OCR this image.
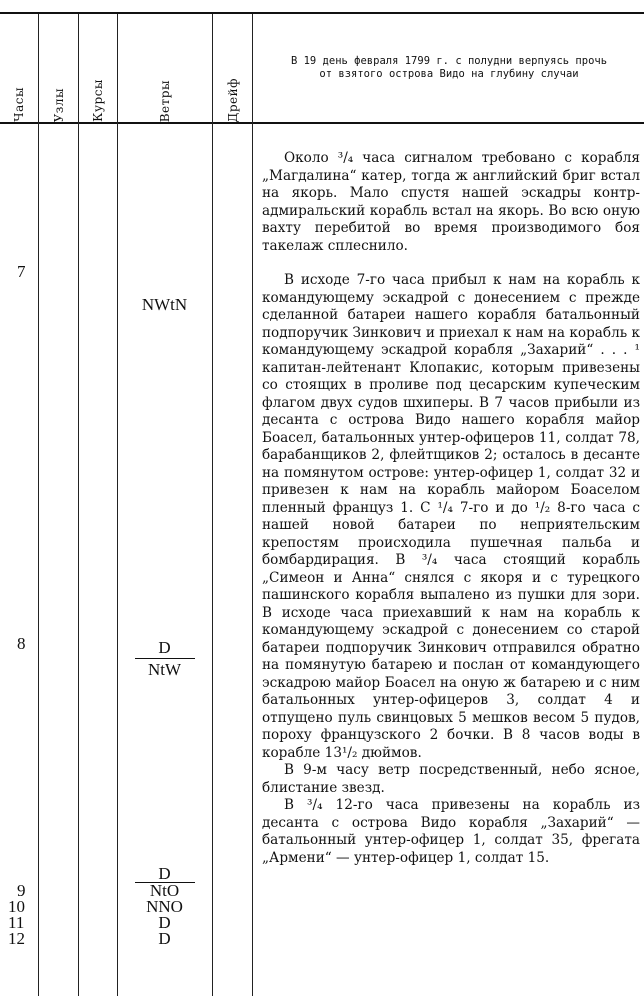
Часы Узлы Курсы	Ветры	Дрейф
В 19 день февраля 1799 г. с полудни верпуясь прочь
от взятого острова Видо на глубину случаи
7
8
9
10
11
12
NWtN
D
NtW
D
NtO
NNO
D
D

Около ³/₄ часа сигналом требовано с корабля „Магдалина“ катер, тогда ж английский бриг встал на якорь. Мало спустя нашей эскадры контр-адмиральский корабль встал на якорь. Во всю оную вахту перебитой во время производимого боя такелаж сплеснило.

В исходе 7-го часа прибыл к нам на корабль к командующему эскадрой с донесением с прежде сделанной батареи нашего корабля батальонный подпоручик Зинкович и приехал к нам на корабль к командующему эскадрой корабля „Захарий“ . . . ¹ капитан-лейтенант Клопакис, которым привезены со стоящих в проливе под цесарским купеческим флагом двух судов шхиперы. В 7 часов прибыли из десанта с острова Видо нашего корабля майор Боасел, батальонных унтер-офицеров 11, солдат 78, барабанщиков 2, флейтщиков 2; осталось в десанте на помянутом острове: унтер-офицер 1, солдат 32 и привезен к нам на корабль майором Боаселом пленный француз 1. С ¹/₄ 7-го и до ¹/₂ 8-го часа с нашей новой батареи по неприятельским крепостям происходила пушечная пальба и бомбардирация. В ³/₄ часа стоящий корабль „Симеон и Анна“ снялся с якоря и с турецкого пашинского корабля выпалено из пушки для зори. В исходе часа приехавший к нам на корабль к командующему эскадрой с донесением со старой батареи подпоручик Зинкович отправился обратно на помянутую батарею и послан от командующего эскадрою майор Боасел на оную ж батарею и с ним батальонных унтер-офицеров 3, солдат 4 и отпущено пуль свинцовых 5 мешков весом 5 пудов, пороху французского 2 бочки. В 8 часов воды в корабле 13¹/₂ дюймов.

В 9-м часу ветр посредственный, небо ясное, блистание звезд.

В ³/₄ 12-го часа привезены на корабль из десанта с острова Видо корабля „Захарий“ — батальонный унтер-офицер 1, солдат 35, фрегата „Армени“ — унтер-офицер 1, солдат 15.
